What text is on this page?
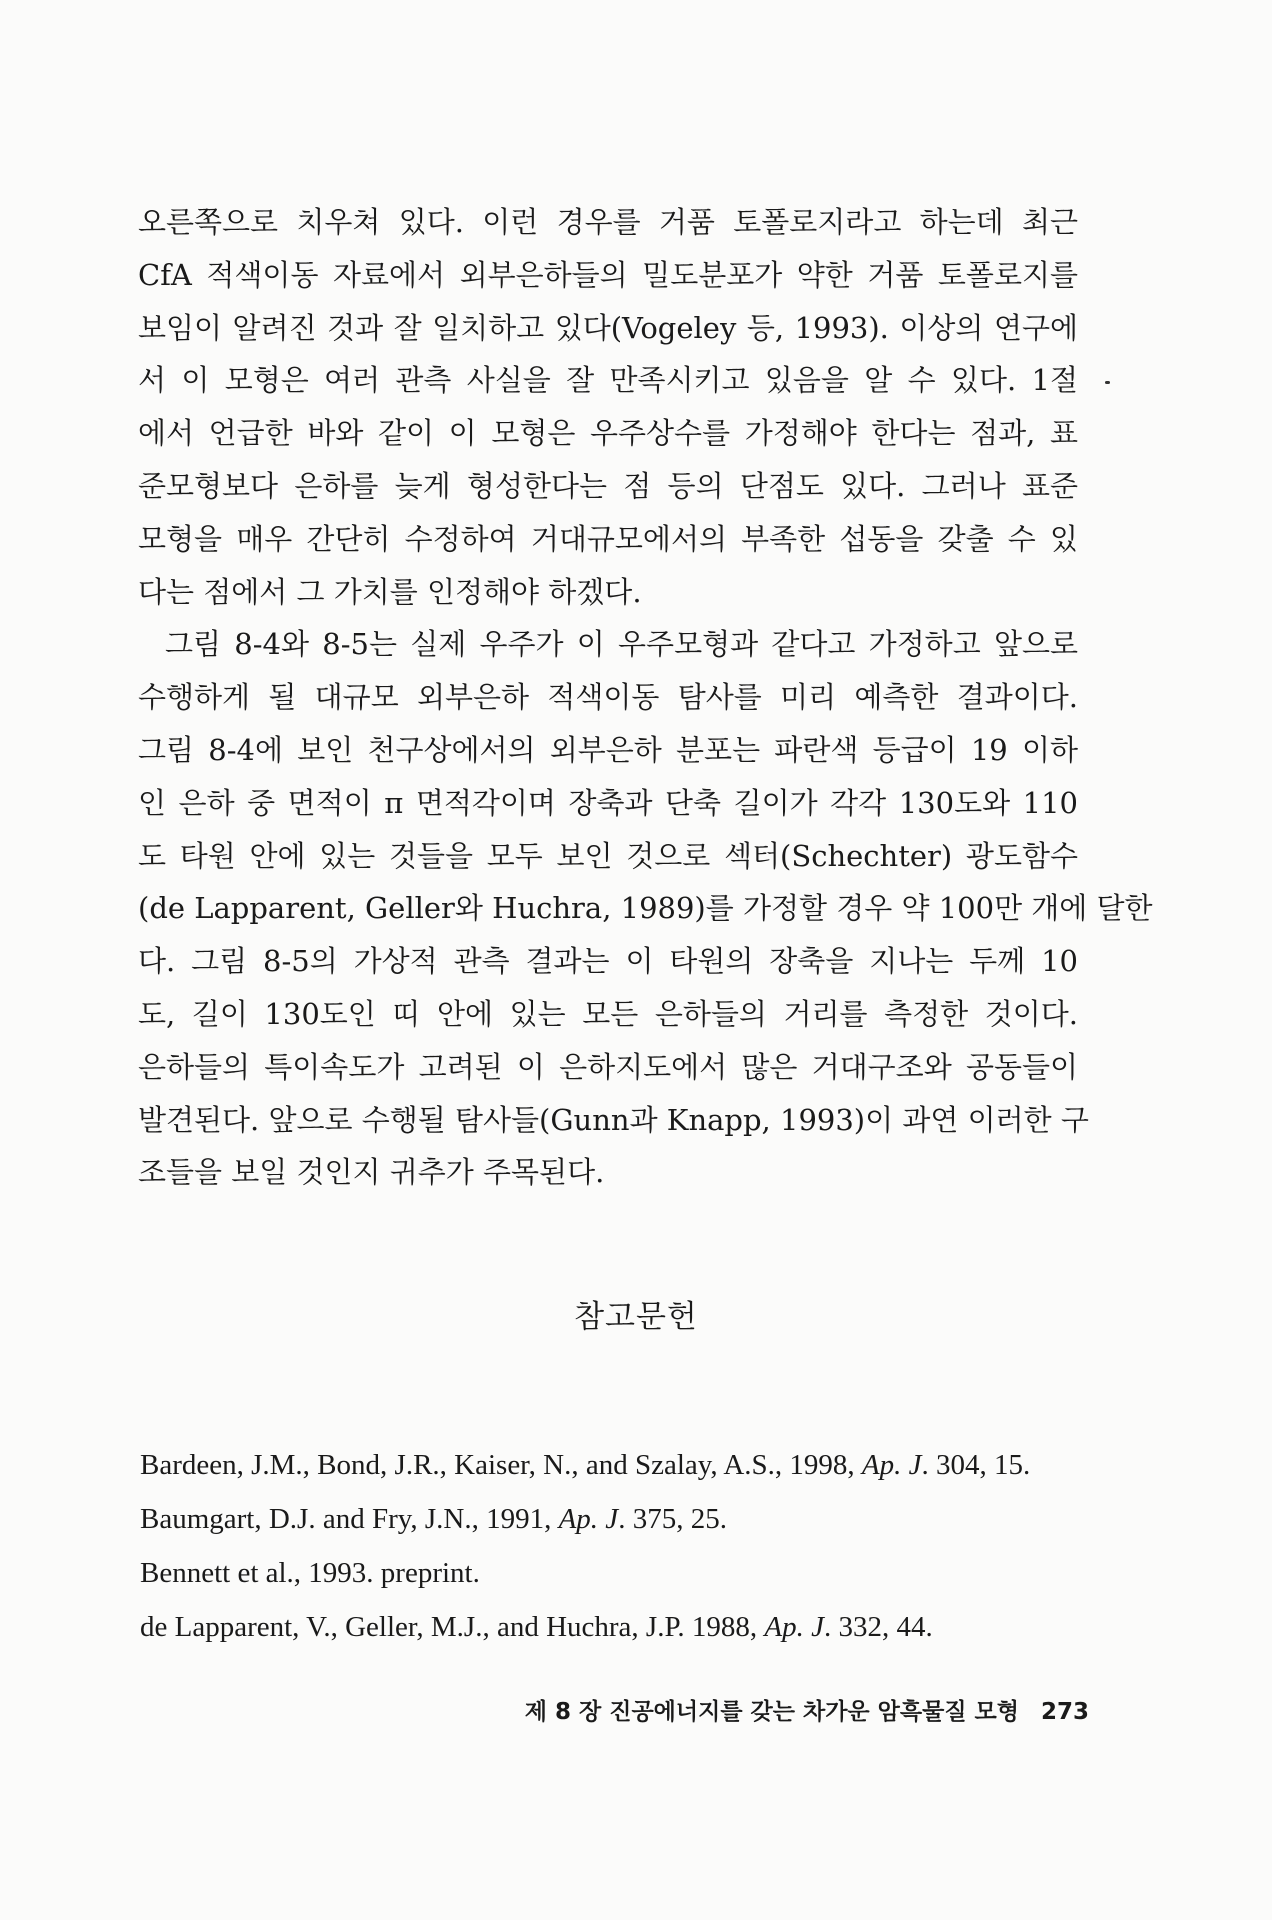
오른쪽으로 치우쳐 있다. 이런 경우를 거품 토폴로지라고 하는데 최근
CfA 적색이동 자료에서 외부은하들의 밀도분포가 약한 거품 토폴로지를
보임이 알려진 것과 잘 일치하고 있다(Vogeley 등, 1993). 이상의 연구에
서 이 모형은 여러 관측 사실을 잘 만족시키고 있음을 알 수 있다. 1절
에서 언급한 바와 같이 이 모형은 우주상수를 가정해야 한다는 점과, 표
준모형보다 은하를 늦게 형성한다는 점 등의 단점도 있다. 그러나 표준
모형을 매우 간단히 수정하여 거대규모에서의 부족한 섭동을 갖출 수 있
다는 점에서 그 가치를 인정해야 하겠다.
그림 8-4와 8-5는 실제 우주가 이 우주모형과 같다고 가정하고 앞으로
수행하게 될 대규모 외부은하 적색이동 탐사를 미리 예측한 결과이다.
그림 8-4에 보인 천구상에서의 외부은하 분포는 파란색 등급이 19 이하
인 은하 중 면적이 π 면적각이며 장축과 단축 길이가 각각 130도와 110
도 타원 안에 있는 것들을 모두 보인 것으로 섹터(Schechter) 광도함수
(de Lapparent, Geller와 Huchra, 1989)를 가정할 경우 약 100만 개에 달한
다. 그림 8-5의 가상적 관측 결과는 이 타원의 장축을 지나는 두께 10
도, 길이 130도인 띠 안에 있는 모든 은하들의 거리를 측정한 것이다.
은하들의 특이속도가 고려된 이 은하지도에서 많은 거대구조와 공동들이
발견된다. 앞으로 수행될 탐사들(Gunn과 Knapp, 1993)이 과연 이러한 구
조들을 보일 것인지 귀추가 주목된다.
참고문헌
Bardeen, J.M., Bond, J.R., Kaiser, N., and Szalay, A.S., 1998, Ap. J. 304, 15.
Baumgart, D.J. and Fry, J.N., 1991, Ap. J. 375, 25.
Bennett et al., 1993. preprint.
de Lapparent, V., Geller, M.J., and Huchra, J.P. 1988, Ap. J. 332, 44.
제 8 장 진공에너지를 갖는 차가운 암흑물질 모형 273
